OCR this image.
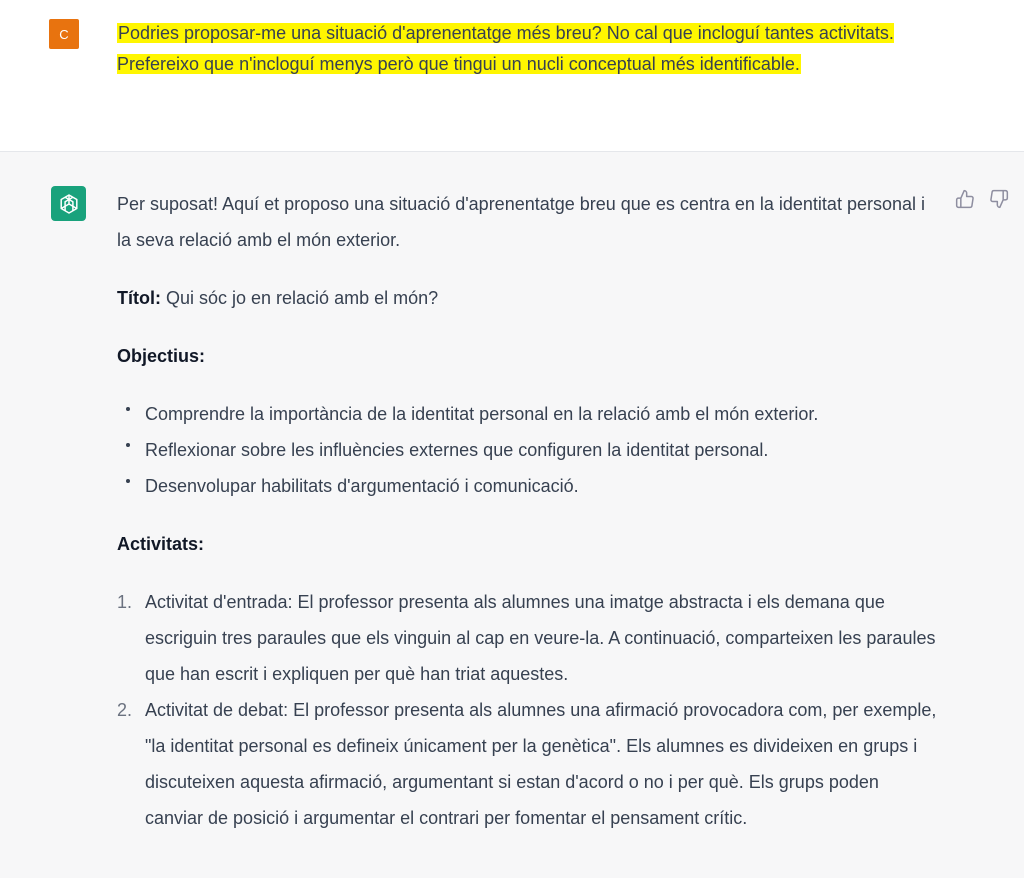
C	Podries proposar-me una situació d'aprenentatge més breu? No cal que incloguí tantes activitats. Prefereixo que n'incloguí menys però que tingui un nucli conceptual més identificable.

Per suposat! Aquí et proposo una situació d'aprenentatge breu que es centra en la identitat personal i la seva relació amb el món exterior.

Títol: Qui sóc jo en relació amb el món?

Objectius:

Comprendre la importància de la identitat personal en la relació amb el món exterior.
Reflexionar sobre les influències externes que configuren la identitat personal.
Desenvolupar habilitats d'argumentació i comunicació.

Activitats:

1. Activitat d'entrada: El professor presenta als alumnes una imatge abstracta i els demana que escriguin tres paraules que els vinguin al cap en veure-la. A continuació, comparteixen les paraules que han escrit i expliquen per què han triat aquestes.
2. Activitat de debat: El professor presenta als alumnes una afirmació provocadora com, per exemple, "la identitat personal es defineix únicament per la genètica". Els alumnes es divideixen en grups i discuteixen aquesta afirmació, argumentant si estan d'acord o no i per què. Els grups poden canviar de posició i argumentar el contrari per fomentar el pensament crític.
